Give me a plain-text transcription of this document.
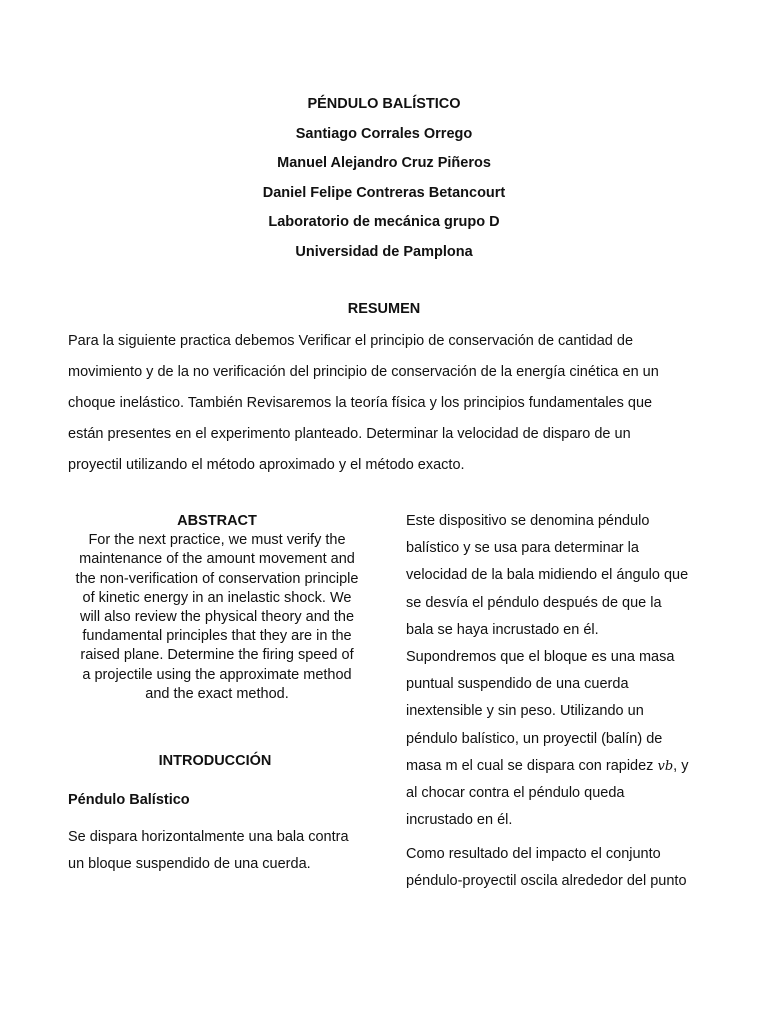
PÉNDULO BALÍSTICO
Santiago Corrales Orrego
Manuel Alejandro Cruz Piñeros
Daniel Felipe Contreras Betancourt
Laboratorio de mecánica grupo D
Universidad de Pamplona
RESUMEN
Para la siguiente practica debemos Verificar el principio de conservación de cantidad de
movimiento y de la no verificación del principio de conservación de la energía cinética en un
choque inelástico. También Revisaremos la teoría física y los principios fundamentales que
están presentes en el experimento planteado. Determinar la velocidad de disparo de un
proyectil utilizando el método aproximado y el método exacto.
ABSTRACT
For the next practice, we must verify the
maintenance of the amount movement and
the non-verification of conservation principle
of kinetic energy in an inelastic shock. We
will also review the physical theory and the
fundamental principles that they are in the
raised plane. Determine the firing speed of
a projectile using the approximate method
and the exact method.
INTRODUCCIÓN
Péndulo Balístico
Se dispara horizontalmente una bala contra
un bloque suspendido de una cuerda.
Este dispositivo se denomina péndulo
balístico y se usa para determinar la
velocidad de la bala midiendo el ángulo que
se desvía el péndulo después de que la
bala se haya incrustado en él.
Supondremos que el bloque es una masa
puntual suspendido de una cuerda
inextensible y sin peso. Utilizando un
péndulo balístico, un proyectil (balín) de
masa m el cual se dispara con rapidez vb, y
al chocar contra el péndulo queda
incrustado en él.
Como resultado del impacto el conjunto
péndulo-proyectil oscila alrededor del punto
